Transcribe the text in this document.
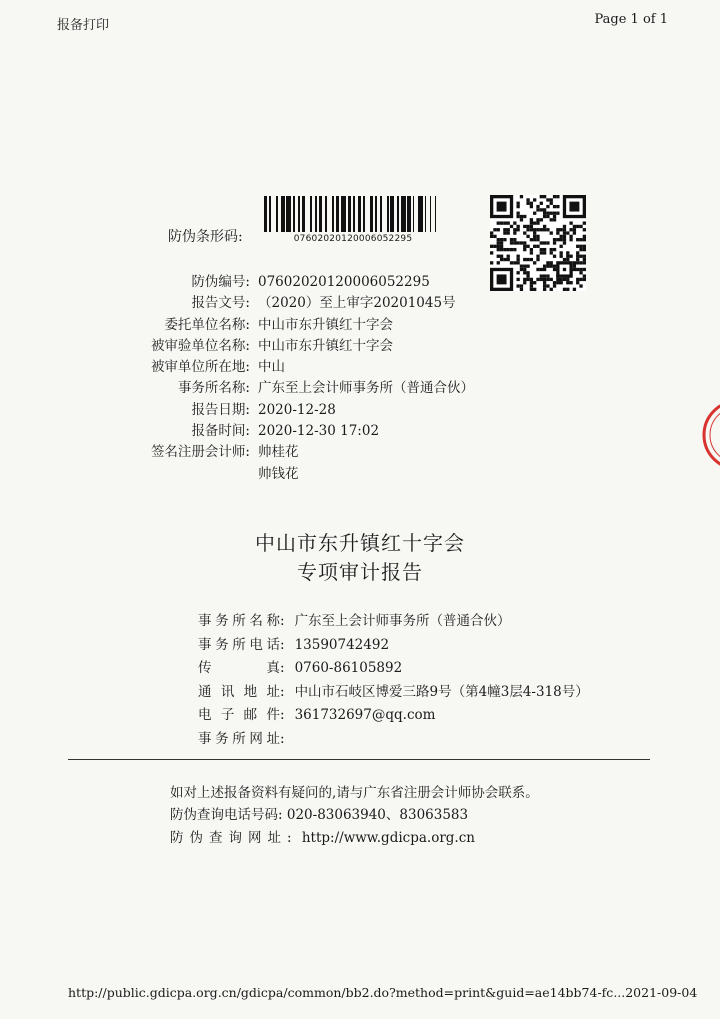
报备打印	Page 1 of 1
防伪条形码:	07602020120006052295
防伪编号: 07602020120006052295
报告文号: （2020）至上审字20201045号
委托单位名称: 中山市东升镇红十字会
被审验单位名称: 中山市东升镇红十字会
被审单位所在地: 中山
事务所名称: 广东至上会计师事务所（普通合伙）
报告日期: 2020-12-28
报备时间: 2020-12-30 17:02
签名注册会计师: 帅桂花
帅钱花
中山市东升镇红十字会
专项审计报告
事务所名称 : 广东至上会计师事务所（普通合伙）
事务所电话 : 13590742492
传真 : 0760-86105892
通讯地址 : 中山市石岐区博爱三路9号（第4幢3层4-318号）
电子邮件 : 361732697@qq.com
事务所网址 :
如对上述报备资料有疑问的,请与广东省注册会计师协会联系。
防伪查询电话号码: 020-83063940、83063583
防伪查询网址: http://www.gdicpa.org.cn
http://public.gdicpa.org.cn/gdicpa/common/bb2.do?method=print&guid=ae14bb74-fc... 2021-09-04
